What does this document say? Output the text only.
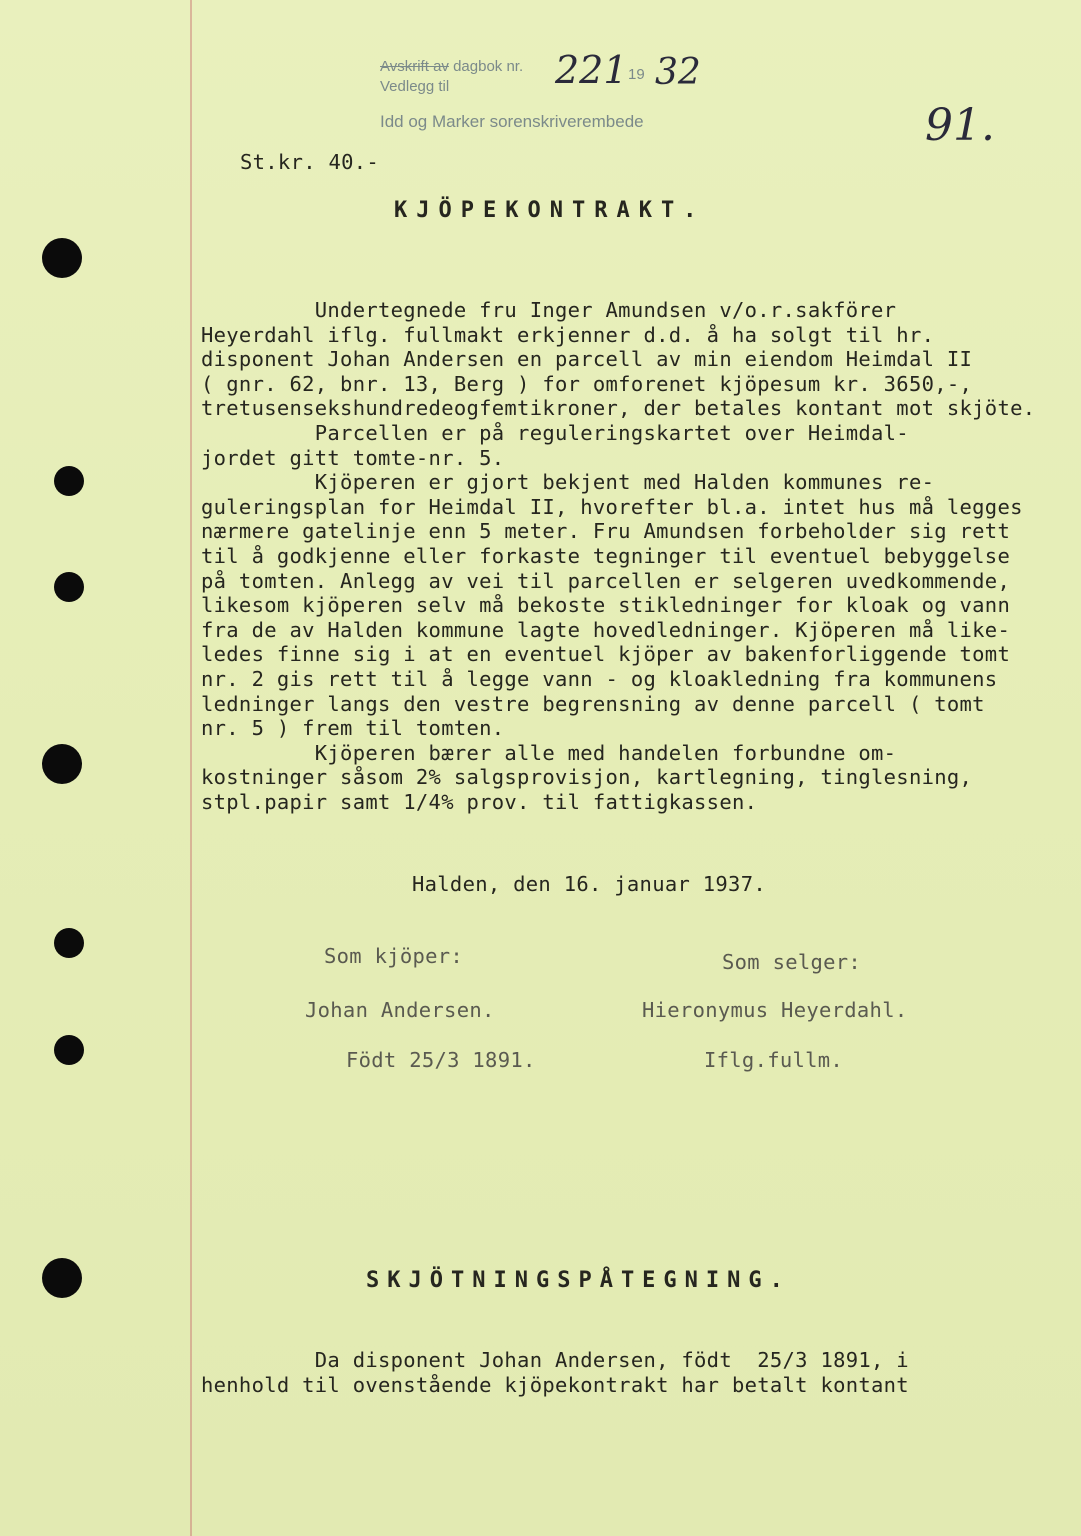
Avskrift av dagbok nr.
Vedlegg til
Idd og Marker sorenskriverembede
221 19 32
91.
St.kr. 40.-
KJÖPEKONTRAKT.
Undertegnede fru Inger Amundsen v/o.r.sakförer
Heyerdahl iflg. fullmakt erkjenner d.d. å ha solgt til hr.
disponent Johan Andersen en parcell av min eiendom Heimdal II
( gnr. 62, bnr. 13, Berg ) for omforenet kjöpesum kr. 3650,-,
tretusensekshundredeogfemtikroner, der betales kontant mot skjöte.
Parcellen er på reguleringskartet over Heimdal-
jordet gitt tomte-nr. 5.
Kjöperen er gjort bekjent med Halden kommunes re-
guleringsplan for Heimdal II, hvorefter bl.a. intet hus må legges
nærmere gatelinje enn 5 meter. Fru Amundsen forbeholder sig rett
til å godkjenne eller forkaste tegninger til eventuel bebyggelse
på tomten. Anlegg av vei til parcellen er selgeren uvedkommende,
likesom kjöperen selv må bekoste stikledninger for kloak og vann
fra de av Halden kommune lagte hovedledninger. Kjöperen må like-
ledes finne sig i at en eventuel kjöper av bakenforliggende tomt
nr. 2 gis rett til å legge vann - og kloakledning fra kommunens
ledninger langs den vestre begrensning av denne parcell ( tomt
nr. 5 ) frem til tomten.
Kjöperen bærer alle med handelen forbundne om-
kostninger såsom 2% salgsprovisjon, kartlegning, tinglesning,
stpl.papir samt 1/4% prov. til fattigkassen.
Halden, den 16. januar 1937.
Som kjöper:	Som selger:
Johan Andersen.	Hieronymus Heyerdahl.
Födt 25/3 1891.	Iflg.fullm.
SKJÖTNINGSPÅTEGNING.
Da disponent Johan Andersen, födt  25/3 1891, i
henhold til ovenstående kjöpekontrakt har betalt kontant
